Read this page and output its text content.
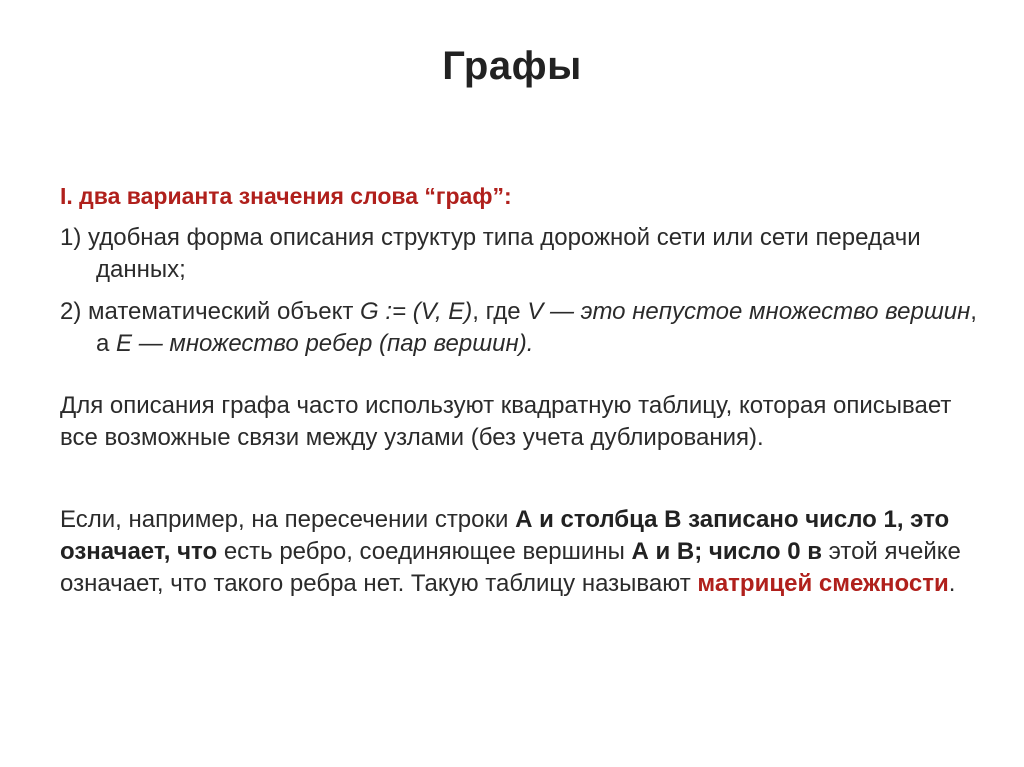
Графы
I. два варианта значения слова “граф”:
1) удобная форма описания структур типа дорожной сети или сети передачи данных;
2) математический объект G := (V, E), где V — это непустое множество вершин, а E — множество ребер (пар вершин).

Для описания графа часто используют квадратную таблицу, которая описывает все возможные связи между узлами (без учета дублирования).

Если, например, на пересечении строки А и столбца В записано число 1, это означает, что есть ребро, соединяющее вершины А и В; число 0 в этой ячейке означает, что такого ребра нет. Такую таблицу называют матрицей смежности.
